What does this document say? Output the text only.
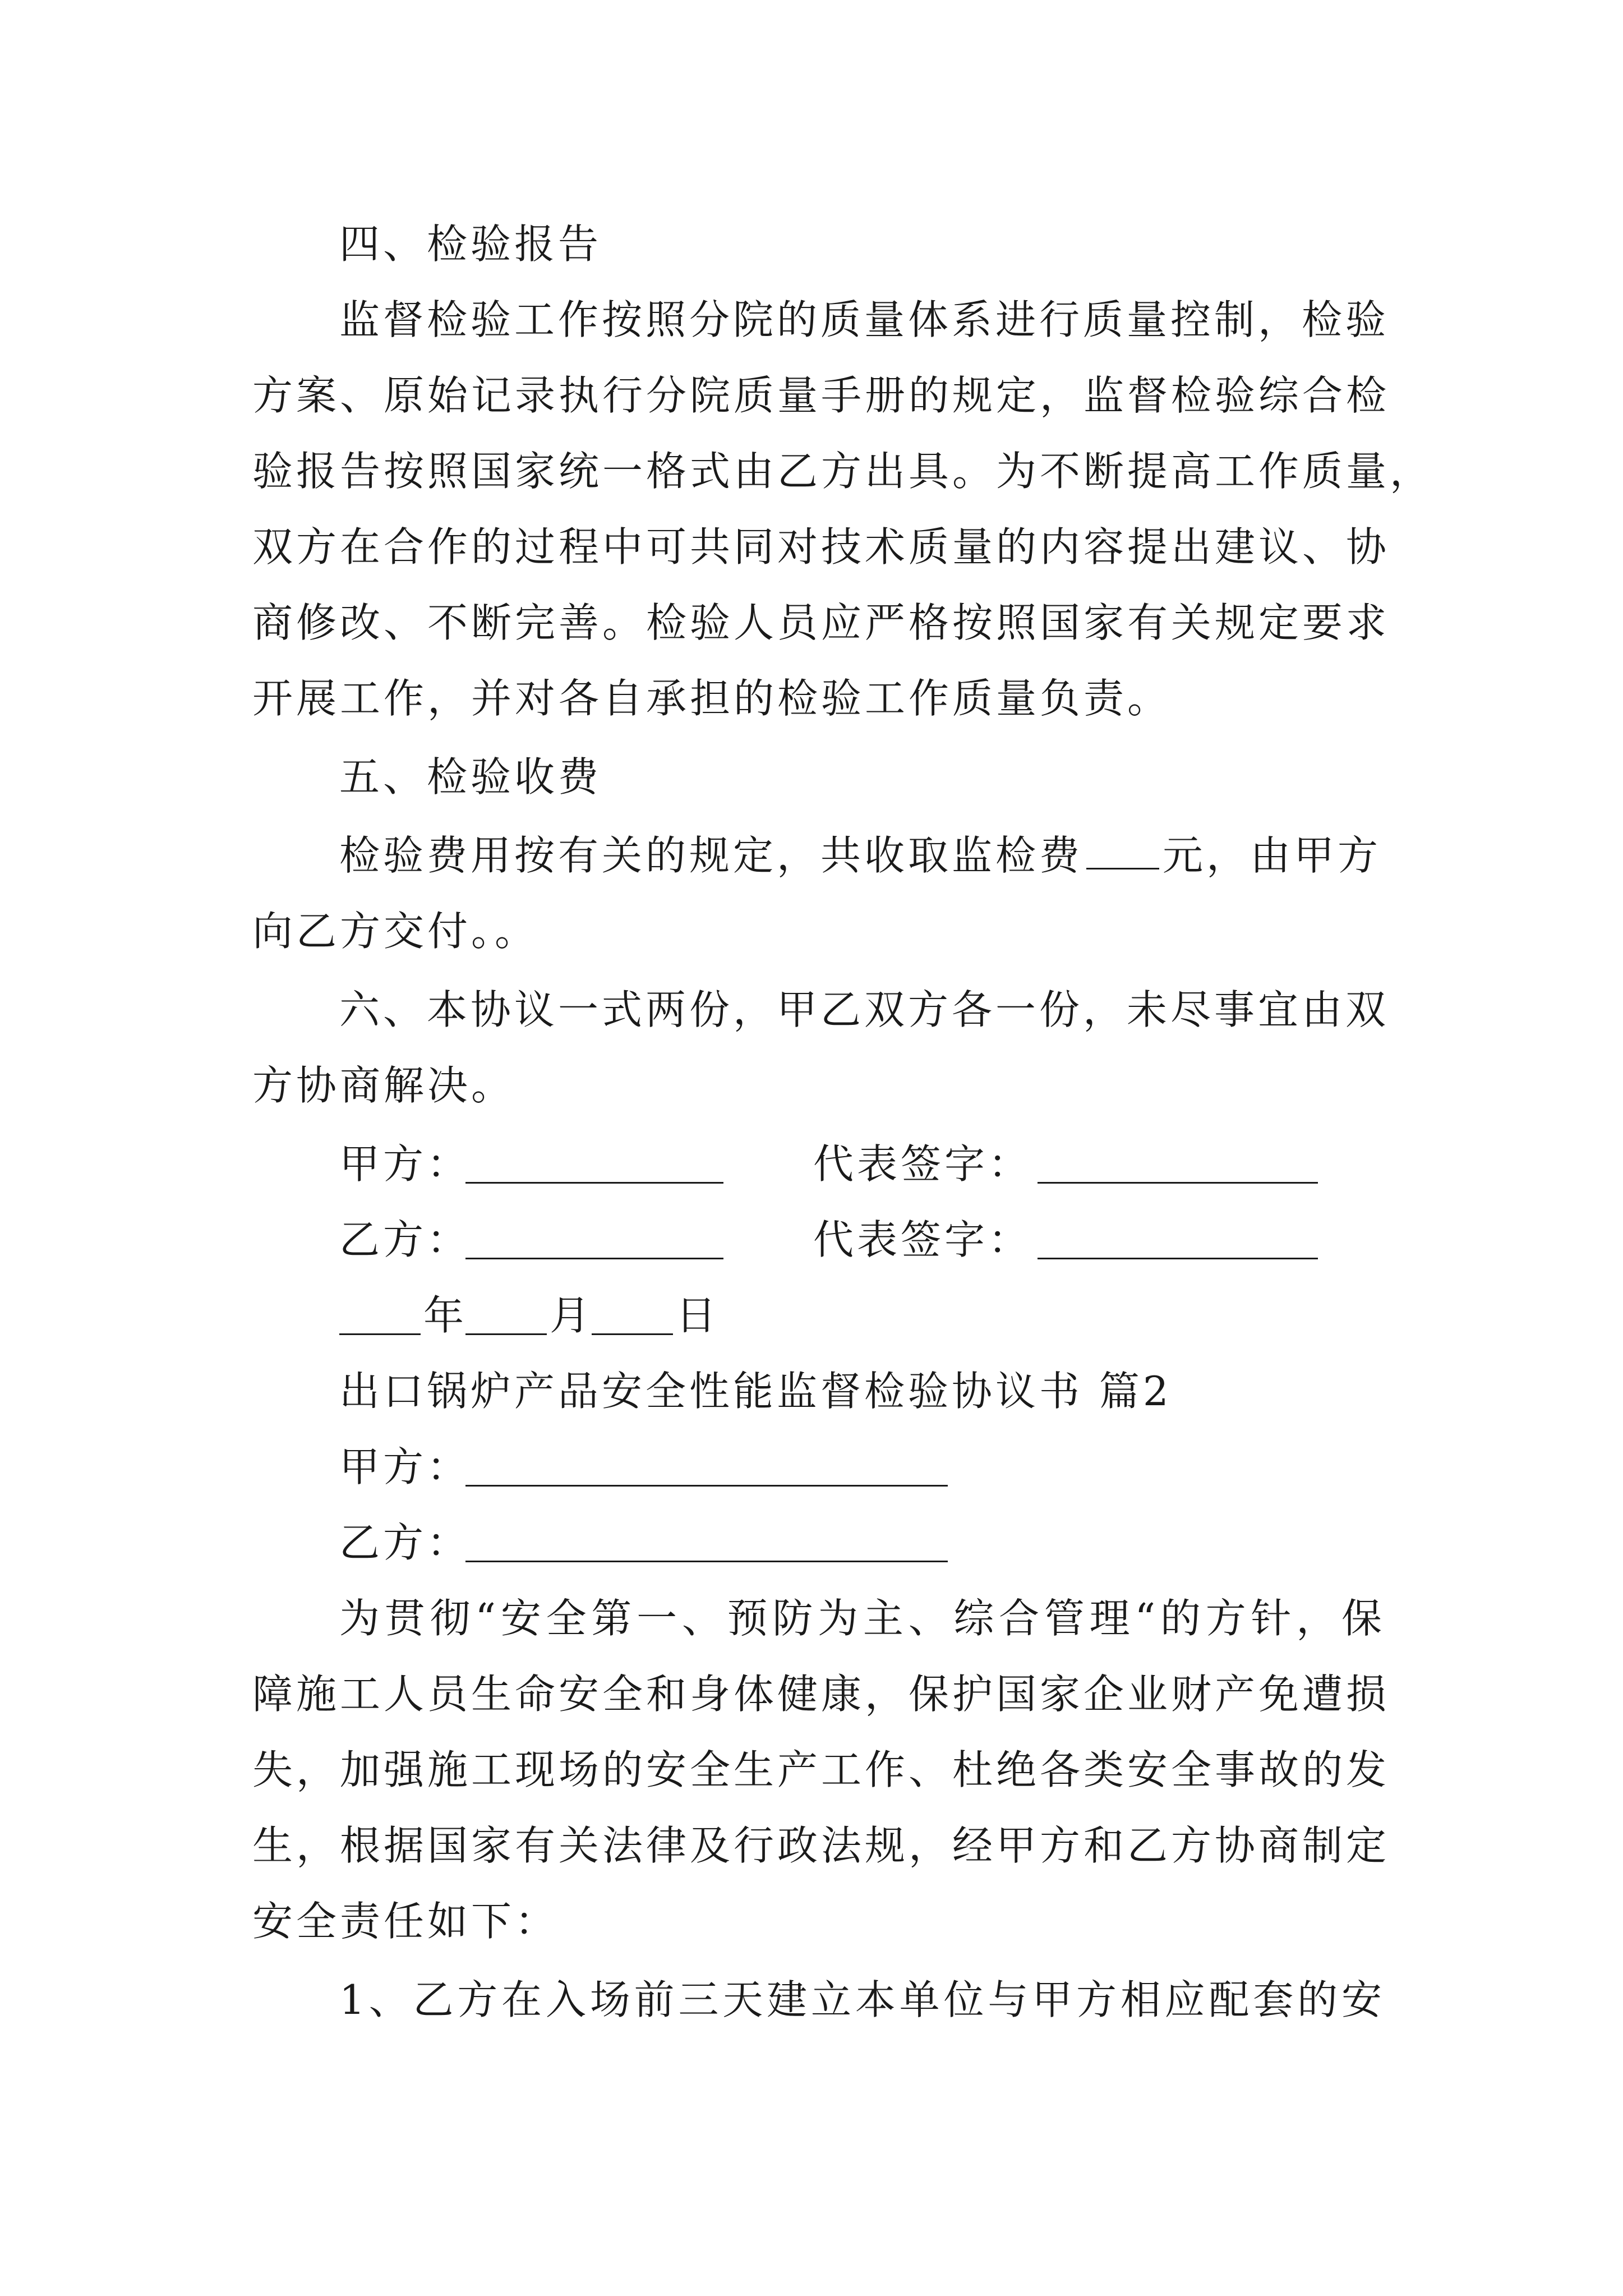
四、检验报告
监督检验工作按照分院的质量体系进行质量控制，检验
方案、原始记录执行分院质量手册的规定，监督检验综合检
验报告按照国家统一格式由乙方出具。为不断提高工作质量，
双方在合作的过程中可共同对技术质量的内容提出建议、协
商修改、不断完善。检验人员应严格按照国家有关规定要求
开展工作，并对各自承担的检验工作质量负责。
五、检验收费
检验费用按有关的规定，共收取监检费 元，由甲方
向乙方交付。。
六、本协议一式两份，甲乙双方各一份，未尽事宜由双
方协商解决。
甲方：	代表签字：
乙方：	代表签字：
年 月 日
出口锅炉产品安全性能监督检验协议书 篇2
甲方：
乙方：
为贯彻“安全第一、预防为主、综合管理“的方针，保
障施工人员生命安全和身体健康，保护国家企业财产免遭损
失，加强施工现场的安全生产工作、杜绝各类安全事故的发
生，根据国家有关法律及行政法规，经甲方和乙方协商制定
安全责任如下：
1、乙方在入场前三天建立本单位与甲方相应配套的安
